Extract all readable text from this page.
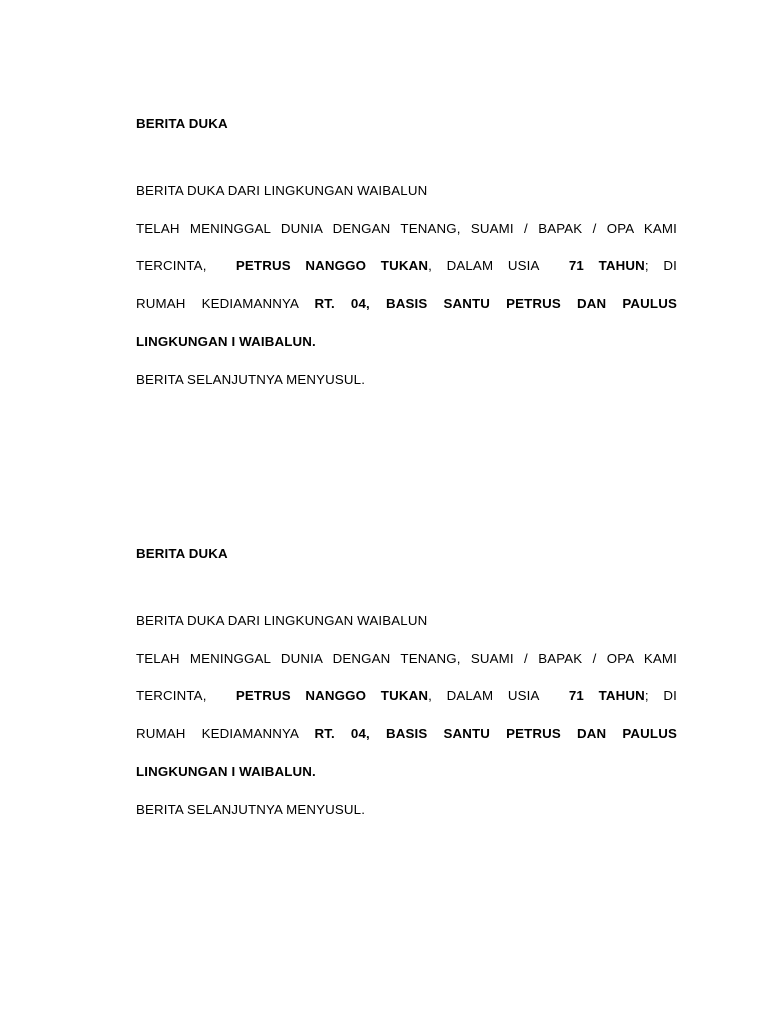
BERITA DUKA
BERITA DUKA DARI LINGKUNGAN WAIBALUN
TELAH MENINGGAL DUNIA DENGAN TENANG, SUAMI / BAPAK / OPA KAMI
TERCINTA, PETRUS NANGGO TUKAN, DALAM USIA 71 TAHUN; DI
RUMAH KEDIAMANNYA RT. 04, BASIS SANTU PETRUS DAN PAULUS
LINGKUNGAN I WAIBALUN.
BERITA SELANJUTNYA MENYUSUL.
BERITA DUKA
BERITA DUKA DARI LINGKUNGAN WAIBALUN
TELAH MENINGGAL DUNIA DENGAN TENANG, SUAMI / BAPAK / OPA KAMI
TERCINTA, PETRUS NANGGO TUKAN, DALAM USIA 71 TAHUN; DI
RUMAH KEDIAMANNYA RT. 04, BASIS SANTU PETRUS DAN PAULUS
LINGKUNGAN I WAIBALUN.
BERITA SELANJUTNYA MENYUSUL.
